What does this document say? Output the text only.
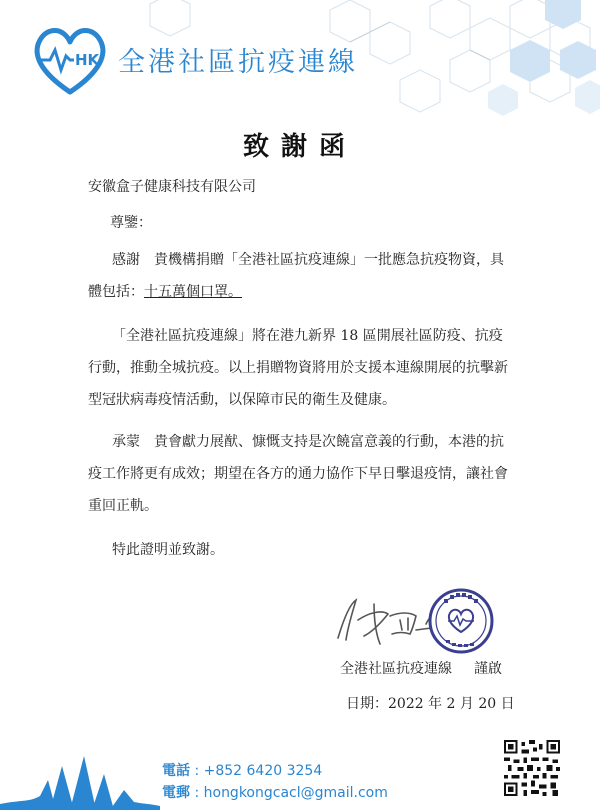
HK 全港社區抗疫連線
致謝函
安徽盒子健康科技有限公司
尊鑒：
感謝　貴機構捐贈「全港社區抗疫連線」一批應急抗疫物資，具體包括：十五萬個口罩。
「全港社區抗疫連線」將在港九新界 18 區開展社區防疫、抗疫行動，推動全城抗疫。以上捐贈物資將用於支援本連線開展的抗擊新型冠狀病毒疫情活動，以保障市民的衛生及健康。
承蒙　貴會獻力展猷、慷慨支持是次饒富意義的行動，本港的抗疫工作將更有成效；期望在各方的通力協作下早日擊退疫情，讓社會重回正軌。
特此證明並致謝。
全港社區抗疫連線 謹啟
日期：2022 年 2 月 20 日
電話 : +852 6420 3254
電郵 : hongkongcacl@gmail.com
